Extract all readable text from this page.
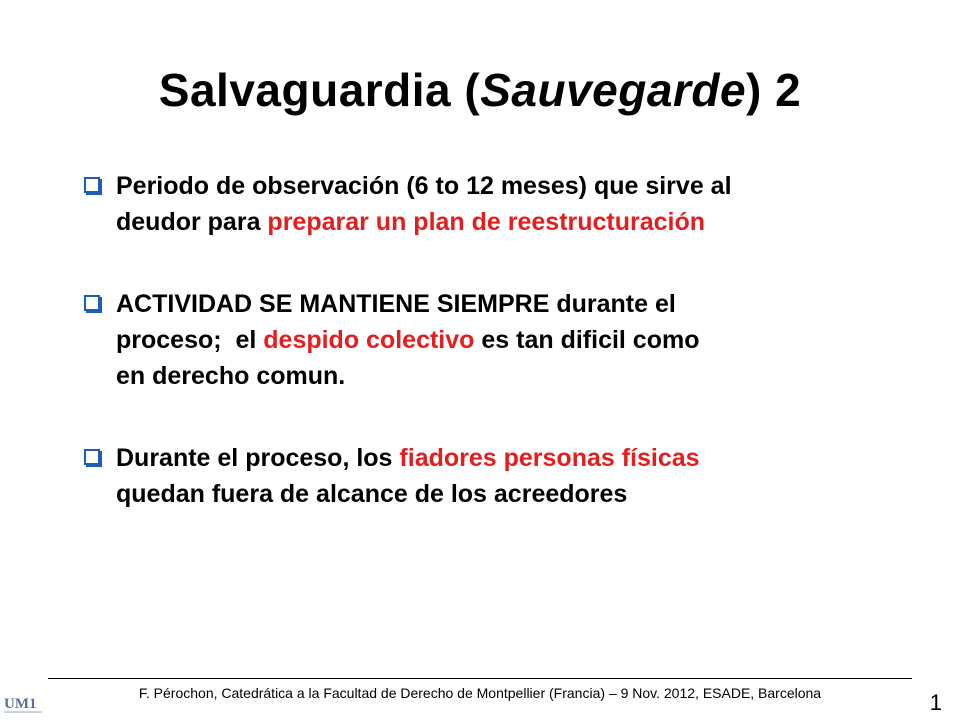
Salvaguardia (Sauvegarde) 2
Periodo de observación (6 to 12 meses) que sirve al
deudor para preparar un plan de reestructuración
ACTIVIDAD SE MANTIENE SIEMPRE durante el
proceso;  el despido colectivo es tan dificil como
en derecho comun.
Durante el proceso, los fiadores personas físicas
quedan fuera de alcance de los acreedores
UM1
F. Pérochon, Catedrática a la Facultad de Derecho de Montpellier (Francia) – 9 Nov. 2012, ESADE, Barcelona	1
